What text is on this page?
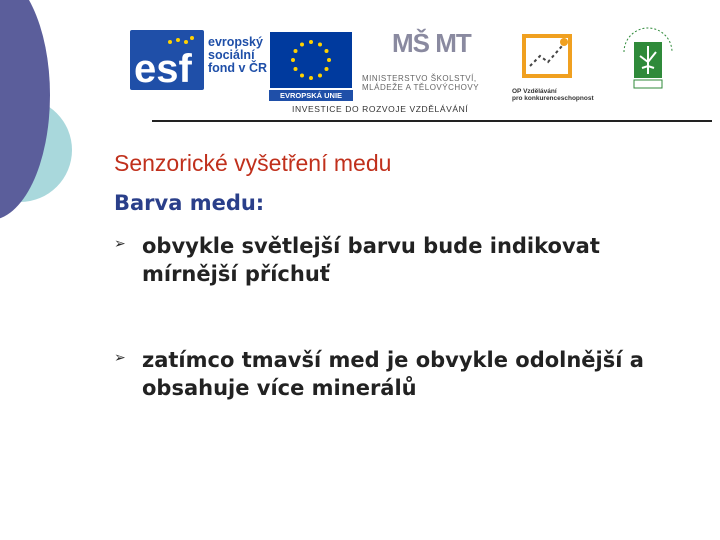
esf
evropský
sociální
fond v ČR
EVROPSKÁ UNIE
MŠ MT
MINISTERSTVO ŠKOLSTVÍ,
MLÁDEŽE A TĚLOVÝCHOVY	OP Vzdělávání
pro konkurenceschopnost
INVESTICE DO ROZVOJE VZDĚLÁVÁNÍ
Senzorické vyšetření medu
Barva medu:
➢ obvykle světlejší barvu bude indikovat mírnější příchuť
➢ zatímco tmavší med je obvykle odolnější a obsahuje více minerálů
